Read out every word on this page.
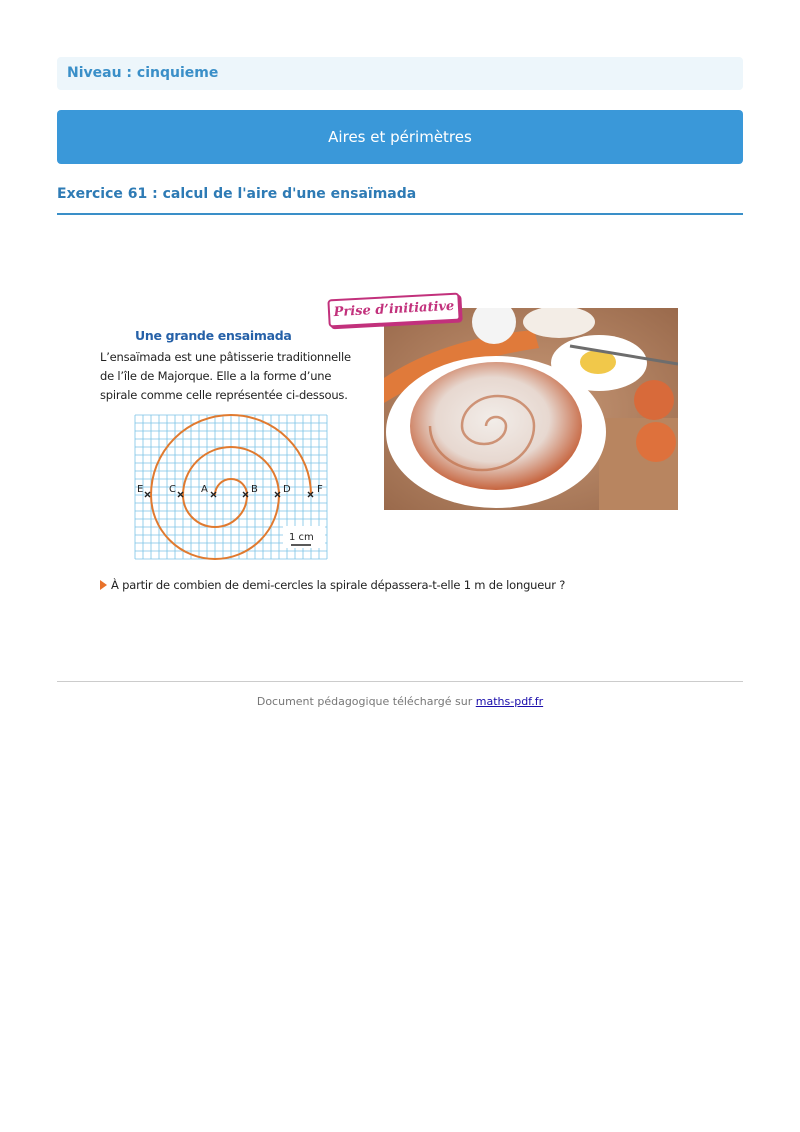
Niveau : cinquieme
Aires et périmètres
Exercice 61 : calcul de l'aire d'une ensaïmada
Une grande ensaimada
L’ensaïmada est une pâtisserie traditionnelle
de l’île de Majorque. Elle a la forme d’une
spirale comme celle représentée ci-dessous.
E	C	A	B	D	F
1 cm
Prise d’initiative
À partir de combien de demi-cercles la spirale dépassera-t-elle 1 m de longueur ?
Document pédagogique téléchargé sur maths-pdf.fr
